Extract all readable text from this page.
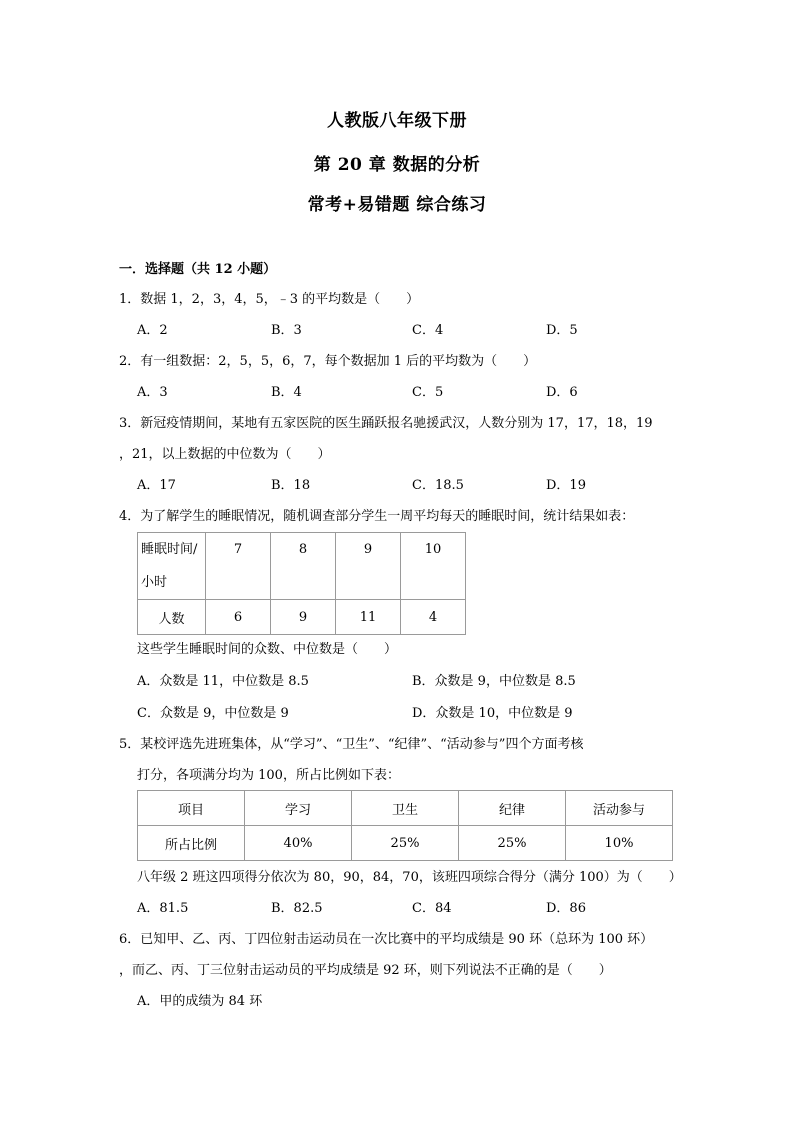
人教版八年级下册
第 20 章 数据的分析
常考+易错题 综合练习
一．选择题（共 12 小题）
1．数据 1，2，3，4，5，﹣3 的平均数是（　　）
A．2	B．3	C．4	D．5
2．有一组数据：2，5，5，6，7，每个数据加 1 后的平均数为（　　）
A．3	B．4	C．5	D．6
3．新冠疫情期间，某地有五家医院的医生踊跃报名驰援武汉，人数分别为 17，17，18，19
，21，以上数据的中位数为（　　）
A．17	B．18	C．18.5	D．19
4．为了解学生的睡眠情况，随机调查部分学生一周平均每天的睡眠时间，统计结果如表：
睡眠时间/
小时	7	8	9	10
人数	6	9	11	4
这些学生睡眠时间的众数、中位数是（　　）
A．众数是 11，中位数是 8.5	B．众数是 9，中位数是 8.5
C．众数是 9，中位数是 9	D．众数是 10，中位数是 9
5．某校评选先进班集体，从“学习”、“卫生”、“纪律”、“活动参与”四个方面考核
打分，各项满分均为 100，所占比例如下表：
项目	学习	卫生	纪律	活动参与
所占比例	40%	25%	25%	10%
八年级 2 班这四项得分依次为 80，90，84，70，该班四项综合得分（满分 100）为（　　）
A．81.5	B．82.5	C．84	D．86
6．已知甲、乙、丙、丁四位射击运动员在一次比赛中的平均成绩是 90 环（总环为 100 环）
，而乙、丙、丁三位射击运动员的平均成绩是 92 环，则下列说法不正确的是（　　）
A．甲的成绩为 84 环
